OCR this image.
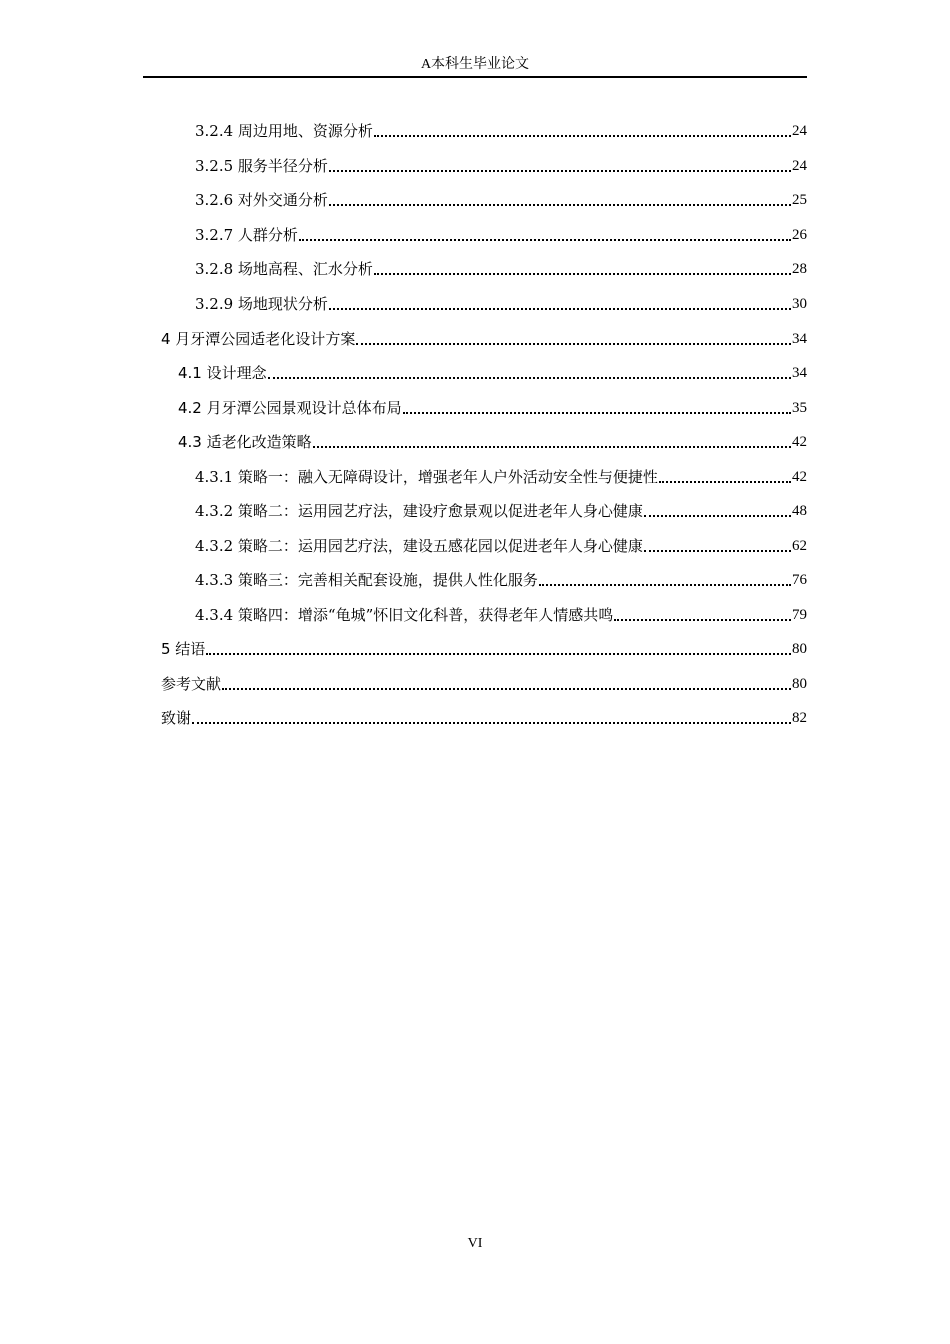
A本科生毕业论文
3.2.4 周边用地、资源分析	24
3.2.5 服务半径分析	24
3.2.6 对外交通分析	25
3.2.7 人群分析	26
3.2.8 场地高程、汇水分析	28
3.2.9 场地现状分析	30
4 月牙潭公园适老化设计方案	34
4.1 设计理念	34
4.2 月牙潭公园景观设计总体布局	35
4.3 适老化改造策略	42
4.3.1 策略一：融入无障碍设计，增强老年人户外活动安全性与便捷性	42
4.3.2 策略二：运用园艺疗法，建设疗愈景观以促进老年人身心健康	48
4.3.2 策略二：运用园艺疗法，建设五感花园以促进老年人身心健康	62
4.3.3 策略三：完善相关配套设施，提供人性化服务	76
4.3.4 策略四：增添“龟城”怀旧文化科普，获得老年人情感共鸣	79
5 结语	80
参考文献	80
致谢	82
VI
